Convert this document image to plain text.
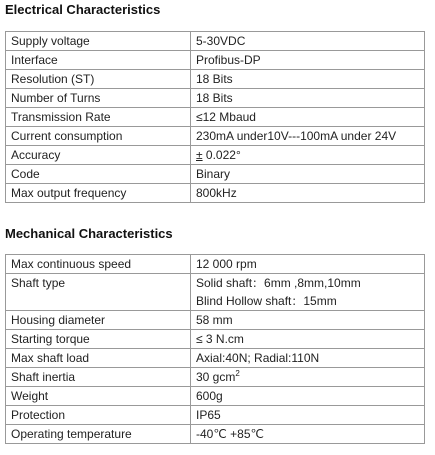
Electrical Characteristics
Supply voltage	5-30VDC
Interface	Profibus-DP
Resolution (ST)	18 Bits
Number of Turns	18 Bits
Transmission Rate	≤12 Mbaud
Current consumption	230mA under10V---100mA under 24V
Accuracy	± 0.022°
Code	Binary
Max output frequency	800kHz
Mechanical Characteristics
Max continuous speed	12 000 rpm
Shaft type	Solid shaft：6mm ,8mm,10mm
Blind Hollow shaft：15mm

Housing diameter	58 mm
Starting torque	≤ 3 N.cm
Max shaft load	Axial:40N; Radial:110N
Shaft inertia	30 gcm$^2$
Weight	600g
Protection	IP65
Operating temperature	-40℃ +85℃
